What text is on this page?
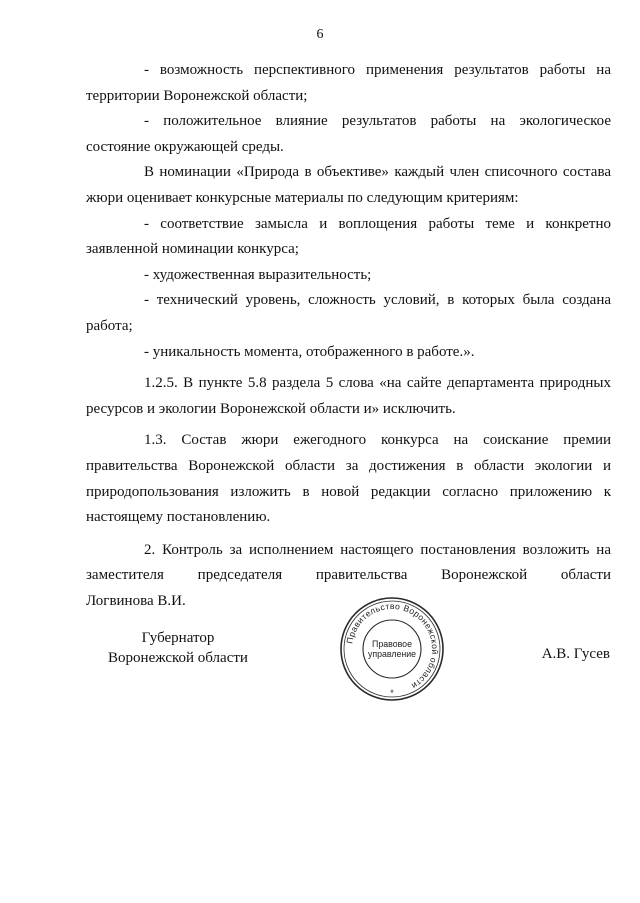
6

- возможность перспективного применения результатов работы на территории Воронежской области;

- положительное влияние результатов работы на экологическое состояние окружающей среды.

В номинации «Природа в объективе» каждый член списочного состава жюри оценивает конкурсные материалы по следующим критериям:

- соответствие замысла и воплощения работы теме и конкретно заявленной номинации конкурса;

- художественная выразительность;

- технический уровень, сложность условий, в которых была создана работа;

- уникальность момента, отображенного в работе.».

1.2.5. В пункте 5.8 раздела 5 слова «на сайте департамента природных ресурсов и экологии Воронежской области и» исключить.

1.3. Состав жюри ежегодного конкурса на соискание премии правительства Воронежской области за достижения в области экологии и природопользования изложить в новой редакции согласно приложению к настоящему постановлению.

2. Контроль за исполнением настоящего постановления возложить на заместителя председателя правительства Воронежской области

Логвинова В.И.

Губернатор
Воронежской области	А.В. Гусев
Правительство Воронежской области
Правовое
управление
*
